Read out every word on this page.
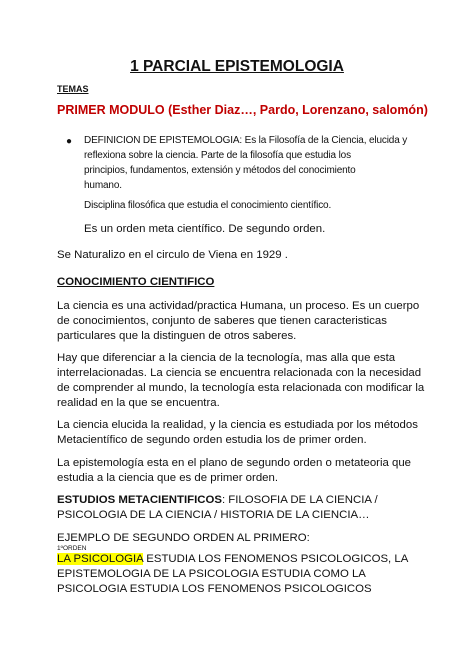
1 PARCIAL EPISTEMOLOGIA
TEMAS
PRIMER MODULO (Esther Diaz…, Pardo, Lorenzano, salomón)
● DEFINICION DE EPISTEMOLOGIA: Es la Filosofía de la Ciencia, elucida y
reflexiona sobre la ciencia. Parte de la filosofía que estudia los
principios, fundamentos, extensión y métodos del conocimiento
humano.
Disciplina filosófica que estudia el conocimiento científico.
Es un orden meta científico. De segundo orden.
Se Naturalizo en el circulo de Viena en 1929 .
CONOCIMIENTO CIENTIFICO
La ciencia es una actividad/practica Humana, un proceso. Es un cuerpo
de conocimientos, conjunto de saberes que tienen caracteristicas
particulares que la distinguen de otros saberes.
Hay que diferenciar a la ciencia de la tecnología, mas alla que esta
interrelacionadas. La ciencia se encuentra relacionada con la necesidad
de comprender al mundo, la tecnología esta relacionada con modificar la
realidad en la que se encuentra.
La ciencia elucida la realidad, y la ciencia es estudiada por los métodos
Metacientífico de segundo orden estudia los de primer orden.
La epistemología esta en el plano de segundo orden o metateoria que
estudia a la ciencia que es de primer orden.
ESTUDIOS METACIENTIFICOS: FILOSOFIA DE LA CIENCIA /
PSICOLOGIA DE LA CIENCIA / HISTORIA DE LA CIENCIA…
EJEMPLO DE SEGUNDO ORDEN AL PRIMERO:
1ºORDEN
LA PSICOLOGIA ESTUDIA LOS FENOMENOS PSICOLOGICOS, LA
EPISTEMOLOGIA DE LA PSICOLOGIA ESTUDIA COMO LA
PSICOLOGIA ESTUDIA LOS FENOMENOS PSICOLOGICOS
